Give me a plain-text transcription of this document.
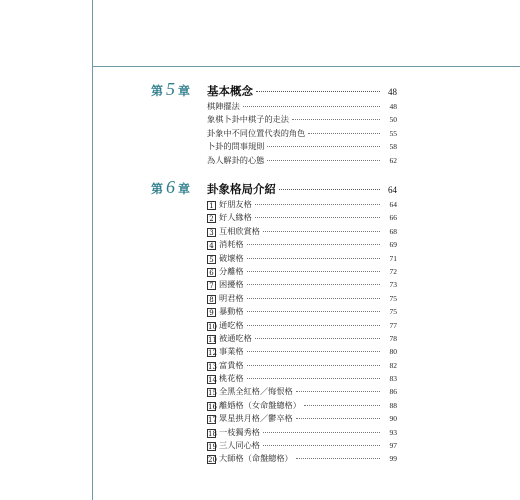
第 5 章 基本概念	48
棋陣擺法	48
象棋卜卦中棋子的走法	50
卦象中不同位置代表的角色	55
卜卦的問事規則	58
為人解卦的心態	62
第 6 章 卦象格局介紹	64
1 好朋友格	64
2 好人緣格	66
3 互相欣賞格	68
4 消耗格	69
5 破壞格	71
6 分離格	72
7 困擾格	73
8 明君格	75
9 暴動格	75
10 通吃格	77
11 被通吃格	78
12 事業格	80
13 富貴格	82
14 桃花格	83
15 全黑全紅格／悔恨格	86
16 離婚格（女命盤總格）	88
17 眾星拱月格／鬱卒格	90
18 一枝獨秀格	93
19 三人同心格	97
20 大師格（命盤總格）	99
